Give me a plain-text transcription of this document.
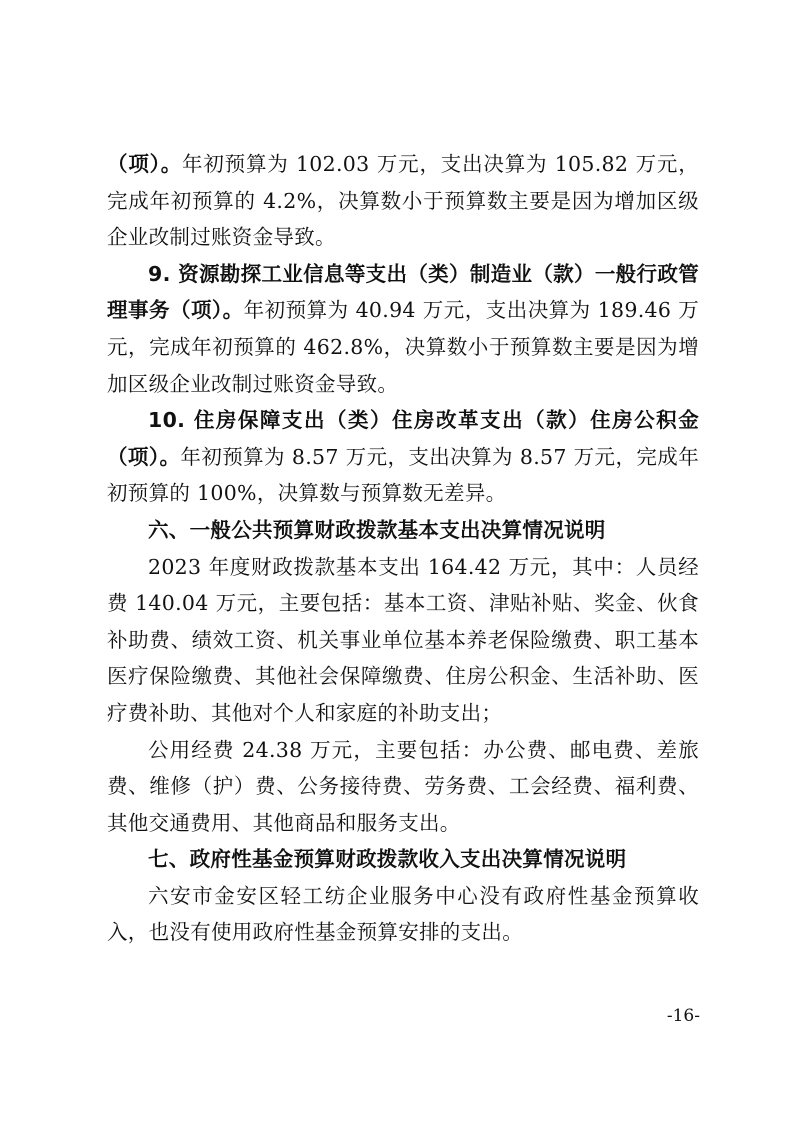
（项）。年初预算为 102.03 万元，支出决算为 105.82 万元，完成年初预算的 4.2%，决算数小于预算数主要是因为增加区级企业改制过账资金导致。

9. 资源勘探工业信息等支出（类）制造业（款）一般行政管理事务（项）。年初预算为 40.94 万元，支出决算为 189.46 万元，完成年初预算的 462.8%，决算数小于预算数主要是因为增加区级企业改制过账资金导致。

10. 住房保障支出（类）住房改革支出（款）住房公积金（项）。年初预算为 8.57 万元，支出决算为 8.57 万元，完成年初预算的 100%，决算数与预算数无差异。

六、一般公共预算财政拨款基本支出决算情况说明

2023 年度财政拨款基本支出 164.42 万元，其中：人员经费 140.04 万元，主要包括：基本工资、津贴补贴、奖金、伙食补助费、绩效工资、机关事业单位基本养老保险缴费、职工基本医疗保险缴费、其他社会保障缴费、住房公积金、生活补助、医疗费补助、其他对个人和家庭的补助支出；

公用经费 24.38 万元，主要包括：办公费、邮电费、差旅费、维修（护）费、公务接待费、劳务费、工会经费、福利费、其他交通费用、其他商品和服务支出。

七、政府性基金预算财政拨款收入支出决算情况说明

六安市金安区轻工纺企业服务中心没有政府性基金预算收入，也没有使用政府性基金预算安排的支出。

-16-
